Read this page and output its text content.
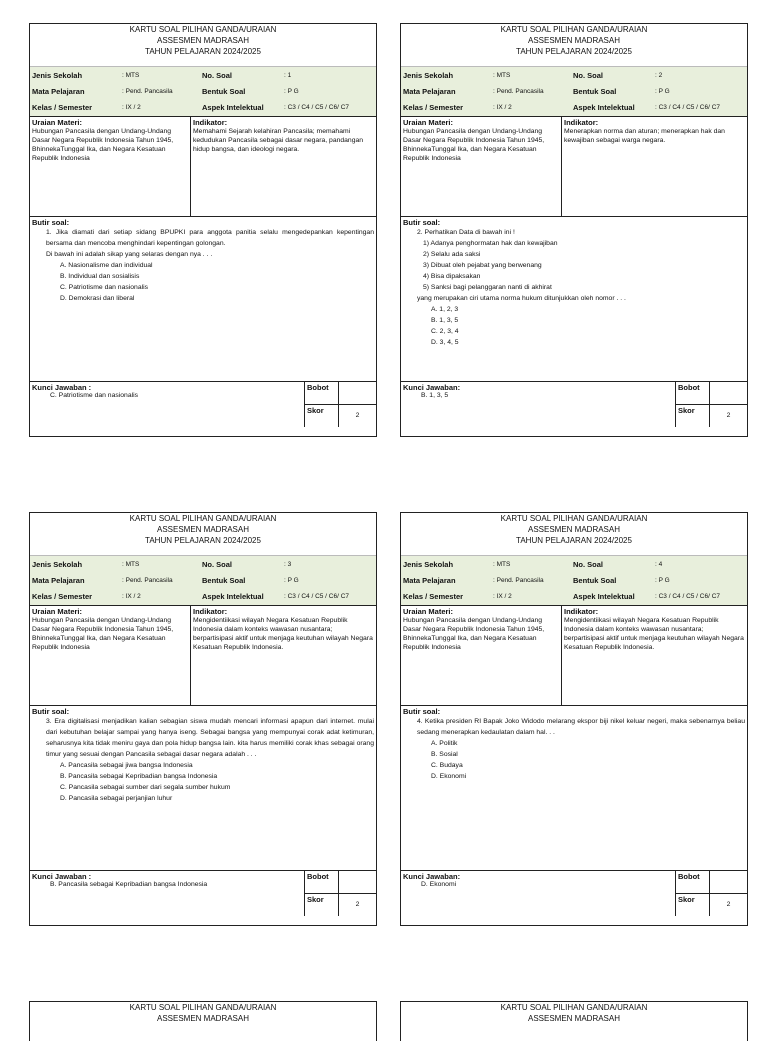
KARTU SOAL PILIHAN GANDA/URAIAN
ASSESMEN MADRASAH
TAHUN PELAJARAN 2024/2025
Jenis Sekolah	: MTS	No. Soal	: 1
Mata Pelajaran	: Pend. Pancasila	Bentuk Soal	: P G
Kelas / Semester	: IX / 2	Aspek Intelektual	: C3 / C4 / C5 / C6/ C7
Uraian Materi:
Hubungan Pancasila dengan Undang-Undang Dasar Negara Republik Indonesia Tahun 1945, BhinnekaTunggal Ika, dan Negara Kesatuan Republik Indonesia
Indikator:
Memahami Sejarah kelahiran Pancasila; memahami kedudukan Pancasila sebagai dasar negara, pandangan hidup bangsa, dan ideologi negara.
Butir soal:
1. Jika diamati dari setiap sidang BPUPKI para anggota panitia selalu mengedepankan kepentingan bersama dan mencoba menghindari kepentingan golongan.
Di bawah ini adalah sikap yang selaras dengan nya . . .
A. Nasionalisme dan individual
B. Individual dan sosialisis
C. Patriotisme dan nasionalis
D. Demokrasi dan liberal
Kunci Jawaban :
C. Patriotisme dan nasionalis
Bobot
Skor
2
KARTU SOAL PILIHAN GANDA/URAIAN
ASSESMEN MADRASAH
TAHUN PELAJARAN 2024/2025
Jenis Sekolah	: MTS	No. Soal	: 2
Mata Pelajaran	: Pend. Pancasila	Bentuk Soal	: P G
Kelas / Semester	: IX / 2	Aspek Intelektual	: C3 / C4 / C5 / C6/ C7
Uraian Materi:
Hubungan Pancasila dengan Undang-Undang Dasar Negara Republik Indonesia Tahun 1945, BhinnekaTunggal Ika, dan Negara Kesatuan Republik Indonesia
Indikator:
Menerapkan norma dan aturan; menerapkan hak dan kewajiban sebagai warga negara.
Butir soal:
2. Perhatikan Data di bawah ini !
1) Adanya penghormatan hak dan kewajiban
2) Selalu ada saksi
3) Dibuat oleh pejabat yang berwenang
4) Bisa dipaksakan
5) Sanksi bagi pelanggaran nanti di akhirat
yang merupakan ciri utama norma hukum ditunjukkan oleh nomor . . .
A. 1, 2, 3
B. 1, 3, 5
C. 2, 3, 4
D. 3, 4, 5
Kunci Jawaban:
B. 1, 3, 5
Bobot
Skor
2
KARTU SOAL PILIHAN GANDA/URAIAN
ASSESMEN MADRASAH
TAHUN PELAJARAN 2024/2025
Jenis Sekolah	: MTS	No. Soal	: 3
Mata Pelajaran	: Pend. Pancasila	Bentuk Soal	: P G
Kelas / Semester	: IX / 2	Aspek Intelektual	: C3 / C4 / C5 / C6/ C7
Uraian Materi:
Hubungan Pancasila dengan Undang-Undang Dasar Negara Republik Indonesia Tahun 1945, BhinnekaTunggal Ika, dan Negara Kesatuan Republik Indonesia
Indikator:
Mengidentiikasi wilayah Negara Kesatuan Republik Indonesia dalam konteks wawasan nusantara; berpartisipasi aktif untuk menjaga keutuhan wilayah Negara Kesatuan Republik Indonesia.
Butir soal:
3. Era digitalisasi menjadikan kalian sebagian siswa mudah mencari informasi apapun dari internet. mulai dari kebutuhan belajar sampai yang hanya iseng. Sebagai bangsa yang mempunyai corak adat ketimuran, seharusnya kita tidak meniru gaya dan pola hidup bangsa lain. kita harus memiliki corak khas sebagai orang timur yang sesuai dengan Pancasila sebagai dasar negara adalah . . .
A. Pancasila sebagai jiwa bangsa Indonesia
B. Pancasila sebagai Kepribadian bangsa Indonesia
C. Pancasila sebagai sumber dari segala sumber hukum
D. Pancasila sebagai perjanjian luhur
Kunci Jawaban :
B. Pancasila sebagai Kepribadian bangsa Indonesia
Bobot
Skor
2
KARTU SOAL PILIHAN GANDA/URAIAN
ASSESMEN MADRASAH
TAHUN PELAJARAN 2024/2025
Jenis Sekolah	: MTS	No. Soal	: 4
Mata Pelajaran	: Pend. Pancasila	Bentuk Soal	: P G
Kelas / Semester	: IX / 2	Aspek Intelektual	: C3 / C4 / C5 / C6/ C7
Uraian Materi:
Hubungan Pancasila dengan Undang-Undang Dasar Negara Republik Indonesia Tahun 1945, BhinnekaTunggal Ika, dan Negara Kesatuan Republik Indonesia
Indikator:
Mengidentiikasi wilayah Negara Kesatuan Republik Indonesia dalam konteks wawasan nusantara; berpartisipasi aktif untuk menjaga keutuhan wilayah Negara Kesatuan Republik Indonesia.
Butir soal:
4. Ketika presiden RI Bapak Joko Widodo melarang ekspor biji nikel keluar negeri, maka sebenarnya beliau sedang menerapkan kedaulatan dalam hal. . .
A. Politik
B. Sosial
C. Budaya
D. Ekonomi
Kunci Jawaban:
D. Ekonomi
Bobot
Skor
2
KARTU SOAL PILIHAN GANDA/URAIAN
ASSESMEN MADRASAH
KARTU SOAL PILIHAN GANDA/URAIAN
ASSESMEN MADRASAH
